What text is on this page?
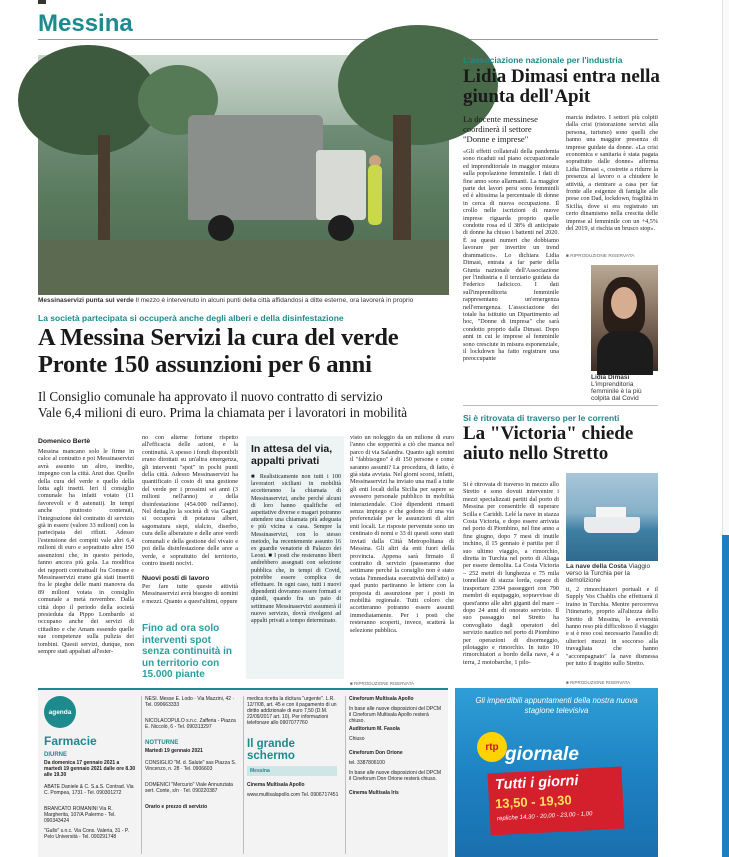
Messina
Messinaservizi punta sul verde Il mezzo è intervenuto in alcuni punti della città affidandosi a ditte esterne, ora lavorerà in proprio
La società partecipata si occuperà anche degli alberi e della disinfestazione
A Messina Servizi la cura del verde
Pronte 150 assunzioni per 6 anni
Il Consiglio comunale ha approvato il nuovo contratto di servizio
Vale 6,4 milioni di euro. Prima la chiamata per i lavoratori in mobilità
Domenico Bertè
Messina mancano solo le firme in calce al contratto e poi Messinaservizi avrà assunto un altro, inedito, impegno con la città. Anzi due. Quello della cura del verde e quello della lotta agli insetti. Ieri il consiglio comunale ha infatti votato (11 favorevoli e 8 astenuti). In tempi anche piuttosto contenuti, l'integrazione del contratto di servizio già in essere (valore 33 milioni) con la partecipata dei rifiuti. Adesso l'estensione dei compiti vale altri 6,4 milioni di euro e soprattutto altre 150 assunzioni che, in questo periodo, fanno ancora più gola. La modifica dei rapporti contrattuali fra Comune e Messinaservizi erano già stati inseriti fra le pieghe delle mani manovra da 89 milioni votata in consiglio comunale a metà novembre. Dalla città dopo il periodo della società presieduta da Pippo Lombardo si occupano anche dei servizi di cittadino e che Amam essendo quelle sue competenze sulla pulizia dei tombini. Questi servizi, dunque, non sempre stati appaltati all'ester-
no con alterne fortune rispetto all'efficacia delle azioni, e la continuità. A spesso i fondi disponibili erano dirottati su un'altra emergenza, gli interventi "spot" in pochi punti della città. Adesso Messinaservizi ha quantificato il costo di una gestione del verde per i prossimi sei anni (3 milioni nell'anno) e della disinfestazione (454.000 nell'anno). Nel dettaglio la società di via Gagini si occuperà di potatura alberi, sagomatura siepi, sfalcio, diserbo, cura delle alberature e delle aree verdi comunali e della gestione del vivaio e poi della disinfestazione delle aree a verde, e soprattutto del territorio, contro insetti nocivi.
Nuovi posti di lavoro
Per fare tutte queste attività Messinaservizi avrà bisogno di uomini e mezzi. Quanto a quest'ultimi, oppure
Fino ad ora solo interventi spot senza continuità in un territorio con 15.000 piante
In attesa del via, appalti privati
■ Realisticamente non tutti i 100 lavoratori siciliani in mobilità accetteranno la chiamata di Messinaservizi, anche perché alcuni di loro hanno qualifiche ed aspettative diverse e magari potranno attendere una chiamata più adeguata e più vicina a casa. Sempre la Messinaservizi, con lo stesso metodo, ha recentemente assunto 16 ex guardie venatorie di Palazzo dei Leoni. ■ I posti che resteranno liberi andrebbero assegnati con selezione pubblica che, in tempi di Covid, potrebbe essere complica de effettuare. In ogni caso, tutti i nuovi dipendenti dovranno essere formati e quindi, quando fra un paio di settimane Messinaservizi assumerà il nuovo servizio, dovrà rivolgersi ad appalti privati a tempo determinato.
visto un noleggio da un milione di euro l'anno che sopperirà a ciò che manca nel parco di via Salandra. Quanto agli uomini il "fabbisogno" è di 150 persone e come saranno assunti? La procedura, di fatto, è già stata avviata. Nel giorni scorsi, infatti, Messinaservizi ha inviato una mail a tutte gli enti locali della Sicilia per sapere se avessero personale pubblico in mobilità interaziendale. Cioè dipendenti rimasti senza impiego e che godono di una via preferenziale per le assunzioni di altri enti locali. Le risposte pervenute sono un centinaio di nomi e 33 di questi sono stati inviati dalla Città Metropolitana di Messina. Gli altri da enti fuori della provincia. Appena sarà firmato il contratto di servizio (passeranno due settimane perché la consiglio non è stato votata l'immediata esecutività dell'atto) a quel punto partiranno le lettere con la proposta di assunzione per i posti in mobilità regionale. Tutti coloro che accetteranno potranno essere assunti immediatamente. Per i posti che resteranno scoperti, invece, scatterà la selezione pubblica.
■ RIPRODUZIONE RISERVATA
L'associazione nazionale per l'industria
Lidia Dimasi entra nella giunta dell'Apit
La docente messinese coordinerà il settore "Donne e imprese"
«Gli effetti collaterali della pandemia sono ricaduti sul piano occupazionale ed imprenditoriale in maggior misura sulla popolazione femminile. I dati di fine anno sono allarmanti. La maggior parte dei lavori persi sono femminili ed è altissima la percentuale di donne in cerca di nuova occupazione. Il crollo nelle iscrizioni di nuove imprese riguarda proprio quelle condotte rosa ed il 38% di anticipate di donne ha chiuso i battenti nel 2020. È su questi numeri che dobbiamo lavorare per invertire un trend drammatico». Lo dichiara Lidia Dimasi, entrata a far parte della Giunta nazionale dell'Associazione per l'industria e il terziario guidata da Federico Iadicicco. I dati sull'imprenditoria femminile rappresentano un'emergenza nell'emergenza. L'associazione dei totale ha istituito un Dipartimento ad hoc, "Donne di impresa" che sarà condotto proprio dalla Dimasi. Dopo anni in cui le imprese al femminile sono cresciute in misura esponenziale, il lockdown ha fatto registrare una preoccupante
marcia indietro. I settori più colpiti dalla crisi (ristorazione servizi alla persona, turismo) sono quelli che hanno una maggior presenza di imprese guidate da donne. «La crisi economica e sanitaria è stata pagata soprattutto dalle donne» afferma Lidia Dimasi «, costrette a ridurre la presenza al lavoro o a chiudere le attività, a rientrare a casa per far fronte alle esigenze di famiglie alle prese con Dad, lockdown, fragilità in Sicilia, dove si era registrato un certo dinamismo nella crescita delle imprese al femminile con un +4,5% del 2019, si rischia un brusco stop».
■ RIPRODUZIONE RISERVATA
Lidia Dimasi L'imprenditoria femminile è la più colpita dal Covid
Si è ritrovata di traverso per le correnti
La "Victoria" chiede aiuto nello Stretto
Si è ritrovata di traverso in mezzo allo Stretto e sono dovuti intervenire i mezzi specializzati partiti dal porto di Messina per consentirle di superare Scilla e Cariddi. Lelé la nave in stazza Costa Victoria, e dopo essere arrivata nel porto di Piombino, nel fine anno a fine giugno, dopo 7 mesi di inutile inchino, il 15 gennaio è partita per il suo ultimo viaggio, a rimorchio, diretta in Turchia nel porto di Aliaga per essere demolita. La Costa Victoria – 252 metri di lunghezza e 75 mila tonnellate di stazza lorda, capace di trasportare 2394 passeggeri con 790 membri di equipaggio, sopravvisse di quest'anno alle altri giganti del mare – dopo 24 anni di onorato servizio. Il suo passaggio nel Stretto ha convogliato dagli operatori del servizio nautico nel porto di Piombino per operazioni di disormeggio, pilotaggio e rimorchio. In tutto 10 rimorchiatori a bordo della nave, 4 a terra, 2 motobarche, 1 pilo-
La nave della Costa Viaggio verso la Turchia per la demolizione
ti, 2 rimorchiatori portuali e il Supply Vos Chablis che effettuerà il traino in Turchia. Mentre percorreva l'itinerario, proprio all'altezza dello Stretto di Messina, le avversità hanno reso più difficoltoso il viaggio e si è reso così necessario l'ausilio di ulteriori mezzi in soccorso alla travagliata che hanno "accompagnato" la nave dismessa per tutto il tragitto sullo Stretto.
■ RIPRODUZIONE RISERVATA
agenda
Farmacie
DIURNE
Da domenica 17 gennaio 2021 a martedì 19 gennaio 2021 dalle ore 8.30 alle 19.30
ABATE Daniele & C. S.a.S. Contrad. Via C. Pompea, 1731 - Tel. 090301272
BRANCATO ROMANINI Via R. Margherita, 107/A Palermo - Tel. 090343424
"Gullo" s.n.c. Via Cons. Valeria, 31 - P. Pelo Università - Tel. 090291748
NESI. Messe E. Lodo · Via Mazzini, 42 · Tel. 090663333
NICOLACOPULO s.n.c. Zafferia - Piazza E. Niccolò, 6 - Tel. 090313297
NOTTURNE
Martedì 19 gennaio 2021
CONSIGLIO "M. d. Salute" sas Piazza S. Vincenzo, n. 28 · Tel. 0906603
DOMENICI "Mercurio" Viale Annunziata sert. Conte, s/n · Tel. 090220387
Orario e prezzo di servizio
medica ricetta la dicitura "urgente". L.R. 12/7/08, art. 45 e con il pagamento di un diritto addizionale di euro 7,50 (D.M. 22/09/2017 art. 10). Per informazioni telefonare allo 0907077760
Il grande schermo
Messina
Cinema Multisala Apollo
www.multisalapollo.com Tel. 0906717451
Cineforum Multisala Apollo
In base alle nuove disposizioni del DPCM il Cineforum Multisala Apollo resterà chiuso.
Auditorium M. Fasola
Chiuso
Cineforum Don Orione
tel. 3387806100
In base alle nuove disposizioni del DPCM il Cineforum Don Orione resterà chiuso.
Cinema Multisala Iris
Gli imperdibili appuntamenti della nostra nuova stagione televisiva
rtp giornale
Tutti i giorni
13,50 - 19,30
repliche 14,30 - 20,00 - 23,00 - 1,00
